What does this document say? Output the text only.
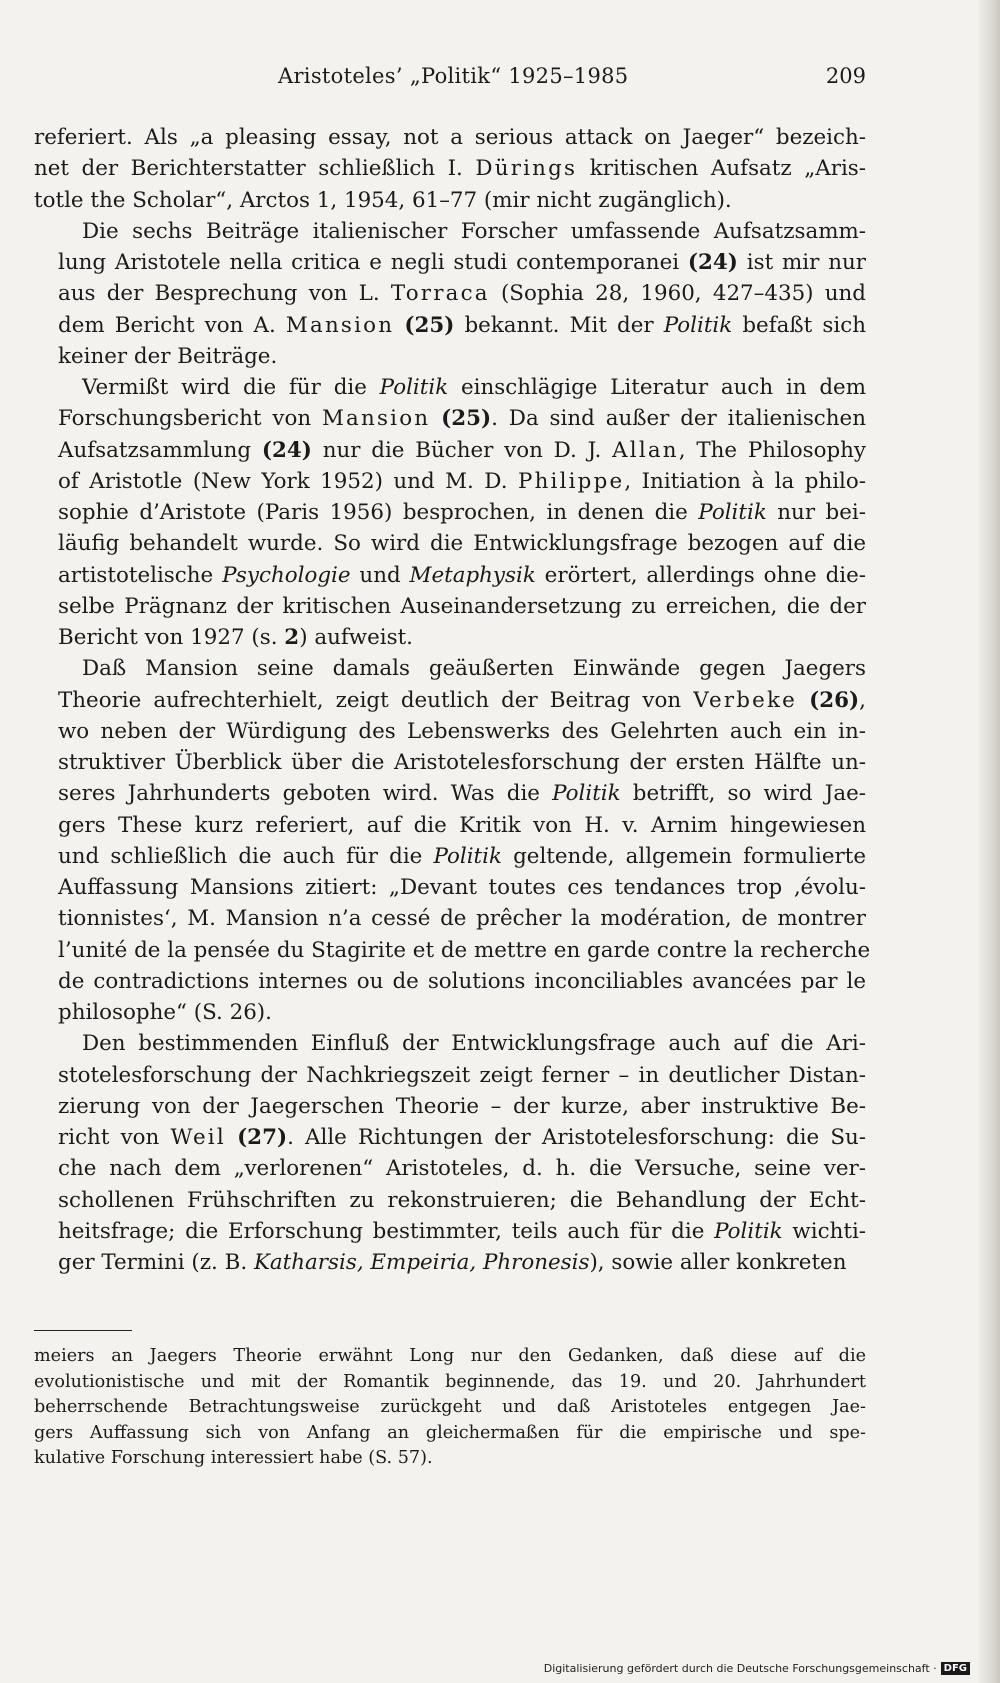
Aristoteles’ „Politik“ 1925–1985	209

referiert. Als „a pleasing essay, not a serious attack on Jaeger“ bezeich-
net der Berichterstatter schließlich I. Dürings kritischen Aufsatz „Aris-
totle the Scholar“, Arctos 1, 1954, 61–77 (mir nicht zugänglich).

Die sechs Beiträge italienischer Forscher umfassende Aufsatzsamm-
lung Aristotele nella critica e negli studi contemporanei (24) ist mir nur
aus der Besprechung von L. Torraca (Sophia 28, 1960, 427–435) und
dem Bericht von A. Mansion (25) bekannt. Mit der Politik befaßt sich
keiner der Beiträge.

Vermißt wird die für die Politik einschlägige Literatur auch in dem
Forschungsbericht von Mansion (25). Da sind außer der italienischen
Aufsatzsammlung (24) nur die Bücher von D. J. Allan, The Philosophy
of Aristotle (New York 1952) und M. D. Philippe, Initiation à la philo-
sophie d’Aristote (Paris 1956) besprochen, in denen die Politik nur bei-
läufig behandelt wurde. So wird die Entwicklungsfrage bezogen auf die
artistotelische Psychologie und Metaphysik erörtert, allerdings ohne die-
selbe Prägnanz der kritischen Auseinandersetzung zu erreichen, die der
Bericht von 1927 (s. 2) aufweist.

Daß Mansion seine damals geäußerten Einwände gegen Jaegers
Theorie aufrechterhielt, zeigt deutlich der Beitrag von Verbeke (26),
wo neben der Würdigung des Lebenswerks des Gelehrten auch ein in-
struktiver Überblick über die Aristotelesforschung der ersten Hälfte un-
seres Jahrhunderts geboten wird. Was die Politik betrifft, so wird Jae-
gers These kurz referiert, auf die Kritik von H. v. Arnim hingewiesen
und schließlich die auch für die Politik geltende, allgemein formulierte
Auffassung Mansions zitiert: „Devant toutes ces tendances trop ‚évolu-
tionnistes‘, M. Mansion n’a cessé de prêcher la modération, de montrer
l’unité de la pensée du Stagirite et de mettre en garde contre la recherche
de contradictions internes ou de solutions inconciliables avancées par le
philosophe“ (S. 26).

Den bestimmenden Einfluß der Entwicklungsfrage auch auf die Ari-
stotelesforschung der Nachkriegszeit zeigt ferner – in deutlicher Distan-
zierung von der Jaegerschen Theorie – der kurze, aber instruktive Be-
richt von Weil (27). Alle Richtungen der Aristotelesforschung: die Su-
che nach dem „verlorenen“ Aristoteles, d. h. die Versuche, seine ver-
schollenen Frühschriften zu rekonstruieren; die Behandlung der Echt-
heitsfrage; die Erforschung bestimmter, teils auch für die Politik wichti-
ger Termini (z. B. Katharsis, Empeiria, Phronesis), sowie aller konkreten

meiers an Jaegers Theorie erwähnt Long nur den Gedanken, daß diese auf die
evolutionistische und mit der Romantik beginnende, das 19. und 20. Jahrhundert
beherrschende Betrachtungsweise zurückgeht und daß Aristoteles entgegen Jae-
gers Auffassung sich von Anfang an gleichermaßen für die empirische und spe-
kulative Forschung interessiert habe (S. 57).
Digitalisierung gefördert durch die Deutsche Forschungsgemeinschaft · DFG
